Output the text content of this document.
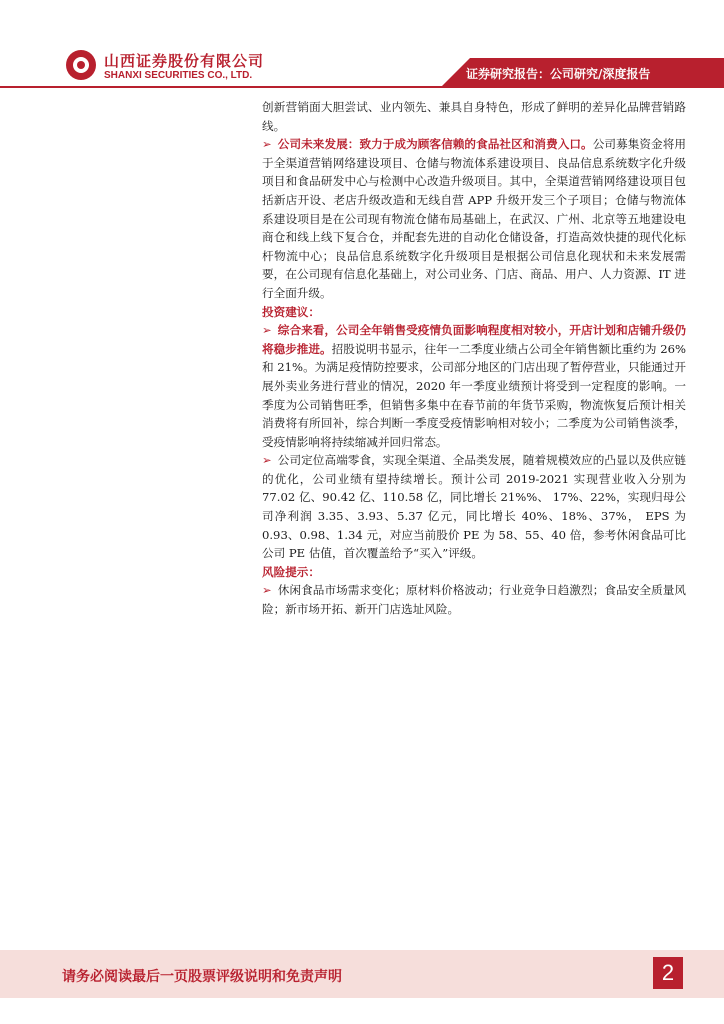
山西证券股份有限公司
SHANXI SECURITIES CO., LTD.	证券研究报告：公司研究/深度报告

创新营销面大胆尝试、业内领先、兼具自身特色，形成了鲜明的差异化品牌营销路线。

➢ 公司未来发展：致力于成为顾客信赖的食品社区和消费入口。公司募集资金将用于全渠道营销网络建设项目、仓储与物流体系建设项目、良品信息系统数字化升级项目和食品研发中心与检测中心改造升级项目。其中，全渠道营销网络建设项目包括新店开设、老店升级改造和无线自营 APP 升级开发三个子项目；仓储与物流体系建设项目是在公司现有物流仓储布局基础上，在武汉、广州、北京等五地建设电商仓和线上线下复合仓，并配套先进的自动化仓储设备，打造高效快捷的现代化标杆物流中心；良品信息系统数字化升级项目是根据公司信息化现状和未来发展需要，在公司现有信息化基础上，对公司业务、门店、商品、用户、人力资源、IT 进行全面升级。

投资建议：

➢ 综合来看，公司全年销售受疫情负面影响程度相对较小，开店计划和店铺升级仍将稳步推进。招股说明书显示，往年一二季度业绩占公司全年销售额比重约为 26%和 21%。为满足疫情防控要求，公司部分地区的门店出现了暂停营业，只能通过开展外卖业务进行营业的情况，2020 年一季度业绩预计将受到一定程度的影响。一季度为公司销售旺季，但销售多集中在春节前的年货节采购，物流恢复后预计相关消费将有所回补，综合判断一季度受疫情影响相对较小；二季度为公司销售淡季，受疫情影响将持续缩减并回归常态。

➢ 公司定位高端零食，实现全渠道、全品类发展，随着规模效应的凸显以及供应链的优化，公司业绩有望持续增长。预计公司 2019-2021 实现营业收入分别为 77.02 亿、90.42 亿、110.58 亿，同比增长 21%%、 17%、22%，实现归母公司净利润 3.35、3.93、5.37 亿元，同比增长 40%、18%、37%， EPS 为 0.93、0.98、1.34 元，对应当前股价 PE 为 58、55、40 倍，参考休闲食品可比公司 PE 估值，首次覆盖给予“买入”评级。

风险提示：

➢ 休闲食品市场需求变化；原材料价格波动；行业竞争日趋激烈；食品安全质量风险；新市场开拓、新开门店选址风险。

请务必阅读最后一页股票评级说明和免责声明	2
